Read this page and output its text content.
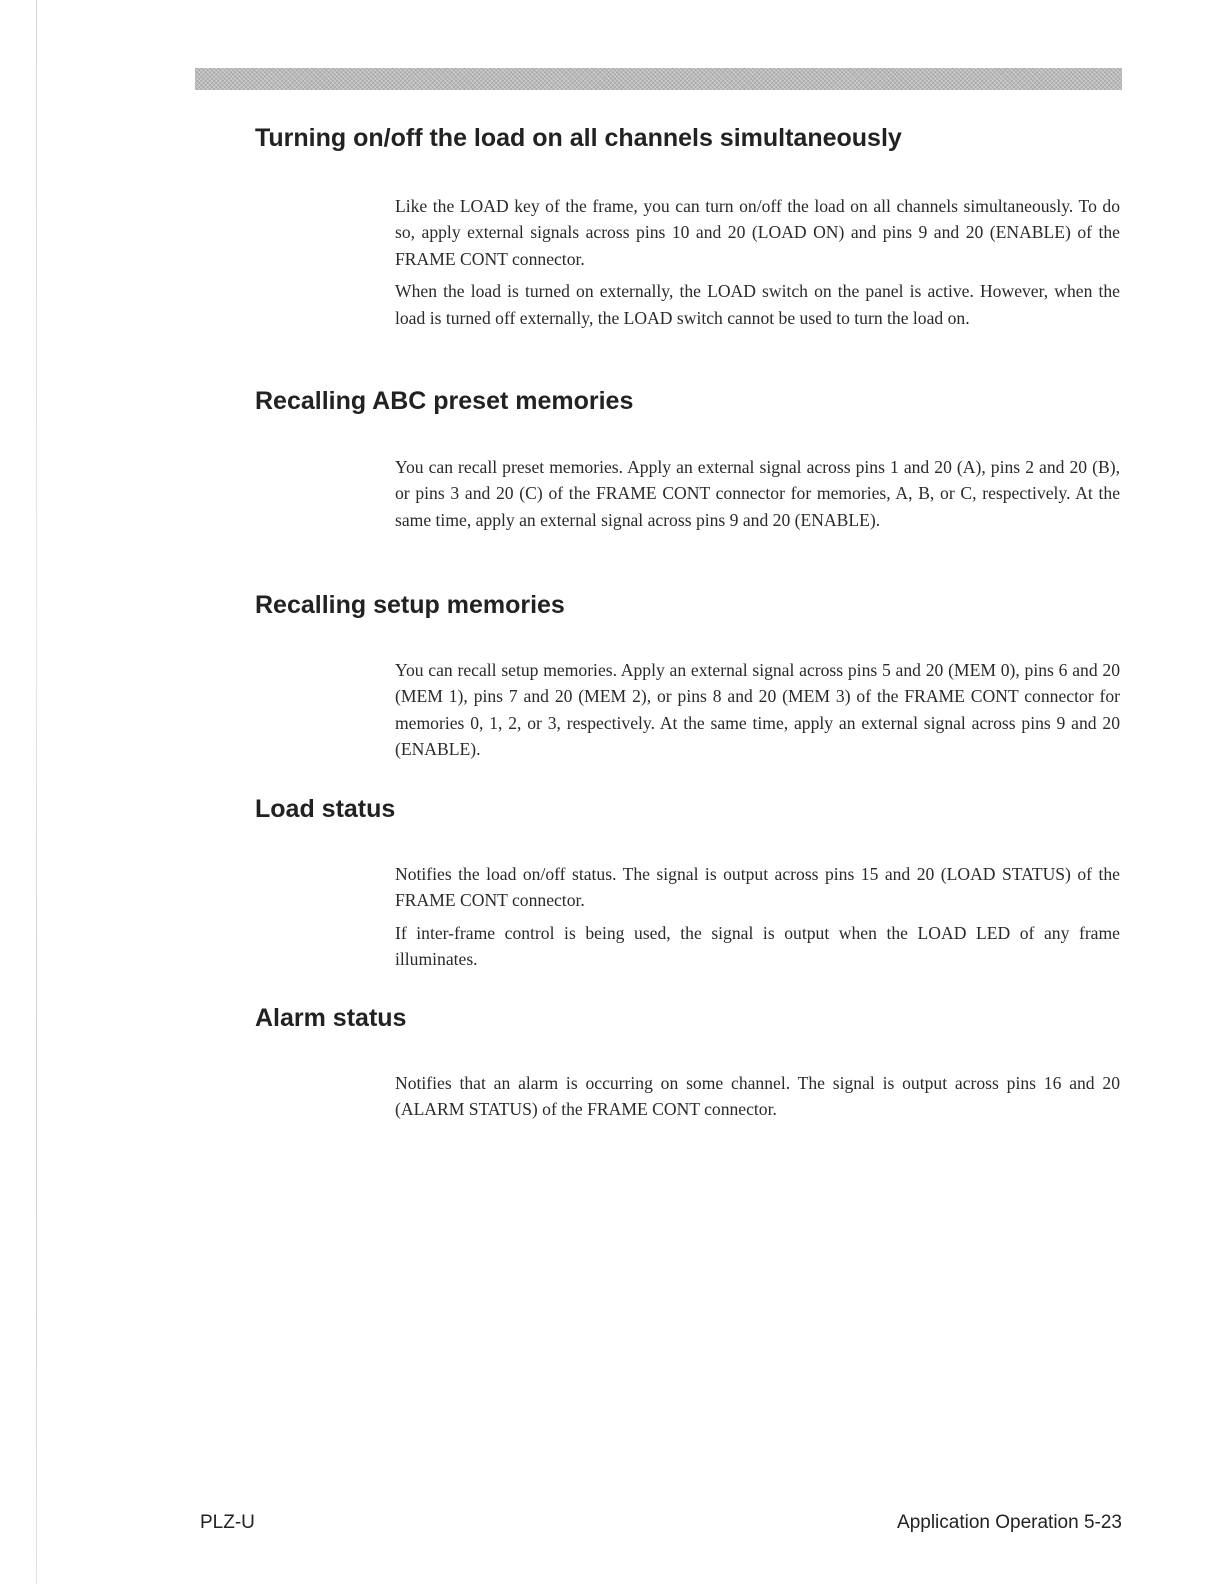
Turning on/off the load on all channels simultaneously

Like the LOAD key of the frame, you can turn on/off the load on all channels simultaneously. To do so, apply external signals across pins 10 and 20 (LOAD ON) and pins 9 and 20 (ENABLE) of the FRAME CONT connector.

When the load is turned on externally, the LOAD switch on the panel is active. However, when the load is turned off externally, the LOAD switch cannot be used to turn the load on.

Recalling ABC preset memories

You can recall preset memories. Apply an external signal across pins 1 and 20 (A), pins 2 and 20 (B), or pins 3 and 20 (C) of the FRAME CONT connector for memories, A, B, or C, respectively. At the same time, apply an external signal across pins 9 and 20 (ENABLE).

Recalling setup memories

You can recall setup memories. Apply an external signal across pins 5 and 20 (MEM 0), pins 6 and 20 (MEM 1), pins 7 and 20 (MEM 2), or pins 8 and 20 (MEM 3) of the FRAME CONT connector for memories 0, 1, 2, or 3, respectively. At the same time, apply an external signal across pins 9 and 20 (ENABLE).

Load status

Notifies the load on/off status. The signal is output across pins 15 and 20 (LOAD STATUS) of the FRAME CONT connector.

If inter-frame control is being used, the signal is output when the LOAD LED of any frame illuminates.

Alarm status

Notifies that an alarm is occurring on some channel. The signal is output across pins 16 and 20 (ALARM STATUS) of the FRAME CONT connector.

PLZ-U	Application Operation 5-23
